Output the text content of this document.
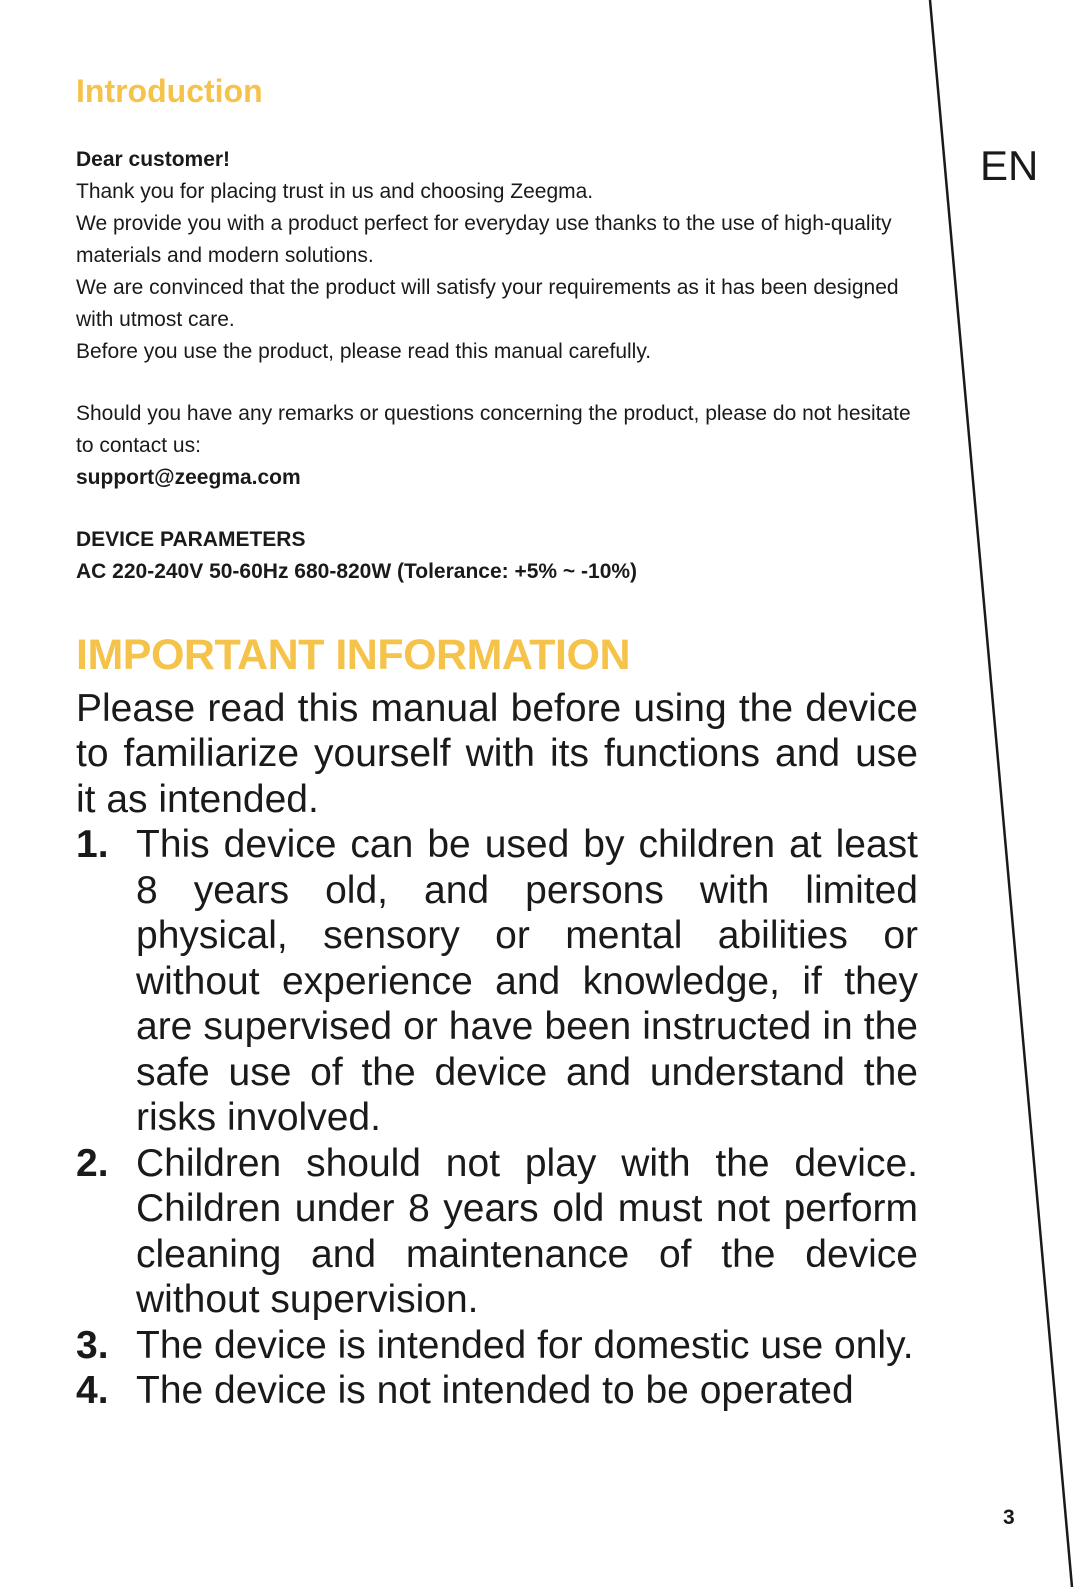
EN
Introduction

Dear customer!

Thank you for placing trust in us and choosing Zeegma.

We provide you with a product perfect for everyday use thanks to the use of high-quality materials and modern solutions.

We are convinced that the product will satisfy your requirements as it has been designed with utmost care.

Before you use the product, please read this manual carefully.

Should you have any remarks or questions concerning the product, please do not hesitate to contact us:

support@zeegma.com

DEVICE PARAMETERS

AC 220-240V 50-60Hz 680-820W (Tolerance: +5% ~ -10%)

IMPORTANT INFORMATION

Please read this manual before using the device to familiarize yourself with its functions and use it as intended.

1. This device can be used by children at least 8 years old, and persons with limited physical, sensory or mental abilities or without experience and knowledge, if they are supervised or have been instructed in the safe use of the device and understand the risks involved.
2. Children should not play with the device. Children under 8 years old must not perform cleaning and maintenance of the device without supervision.
3. The device is intended for domestic use only.
4. The device is not intended to be operated
3
